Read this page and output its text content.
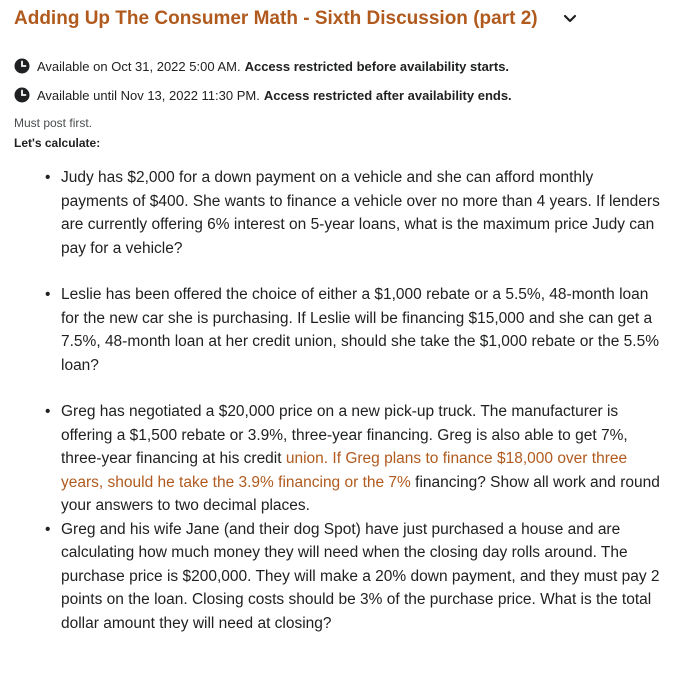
Adding Up The Consumer Math - Sixth Discussion (part 2)
Available on Oct 31, 2022 5:00 AM. Access restricted before availability starts.
Available until Nov 13, 2022 11:30 PM. Access restricted after availability ends.
Must post first.
Let's calculate:
• Judy has $2,000 for a down payment on a vehicle and she can afford monthly payments of $400. She wants to finance a vehicle over no more than 4 years. If lenders are currently offering 6% interest on 5-year loans, what is the maximum price Judy can pay for a vehicle?
• Leslie has been offered the choice of either a $1,000 rebate or a 5.5%, 48-month loan for the new car she is purchasing. If Leslie will be financing $15,000 and she can get a 7.5%, 48-month loan at her credit union, should she take the $1,000 rebate or the 5.5% loan?
• Greg has negotiated a $20,000 price on a new pick-up truck. The manufacturer is offering a $1,500 rebate or 3.9%, three-year financing. Greg is also able to get 7%, three-year financing at his credit union. If Greg plans to finance $18,000 over three years, should he take the 3.9% financing or the 7% financing? Show all work and round your answers to two decimal places.
• Greg and his wife Jane (and their dog Spot) have just purchased a house and are calculating how much money they will need when the closing day rolls around. The purchase price is $200,000. They will make a 20% down payment, and they must pay 2 points on the loan. Closing costs should be 3% of the purchase price. What is the total dollar amount they will need at closing?
